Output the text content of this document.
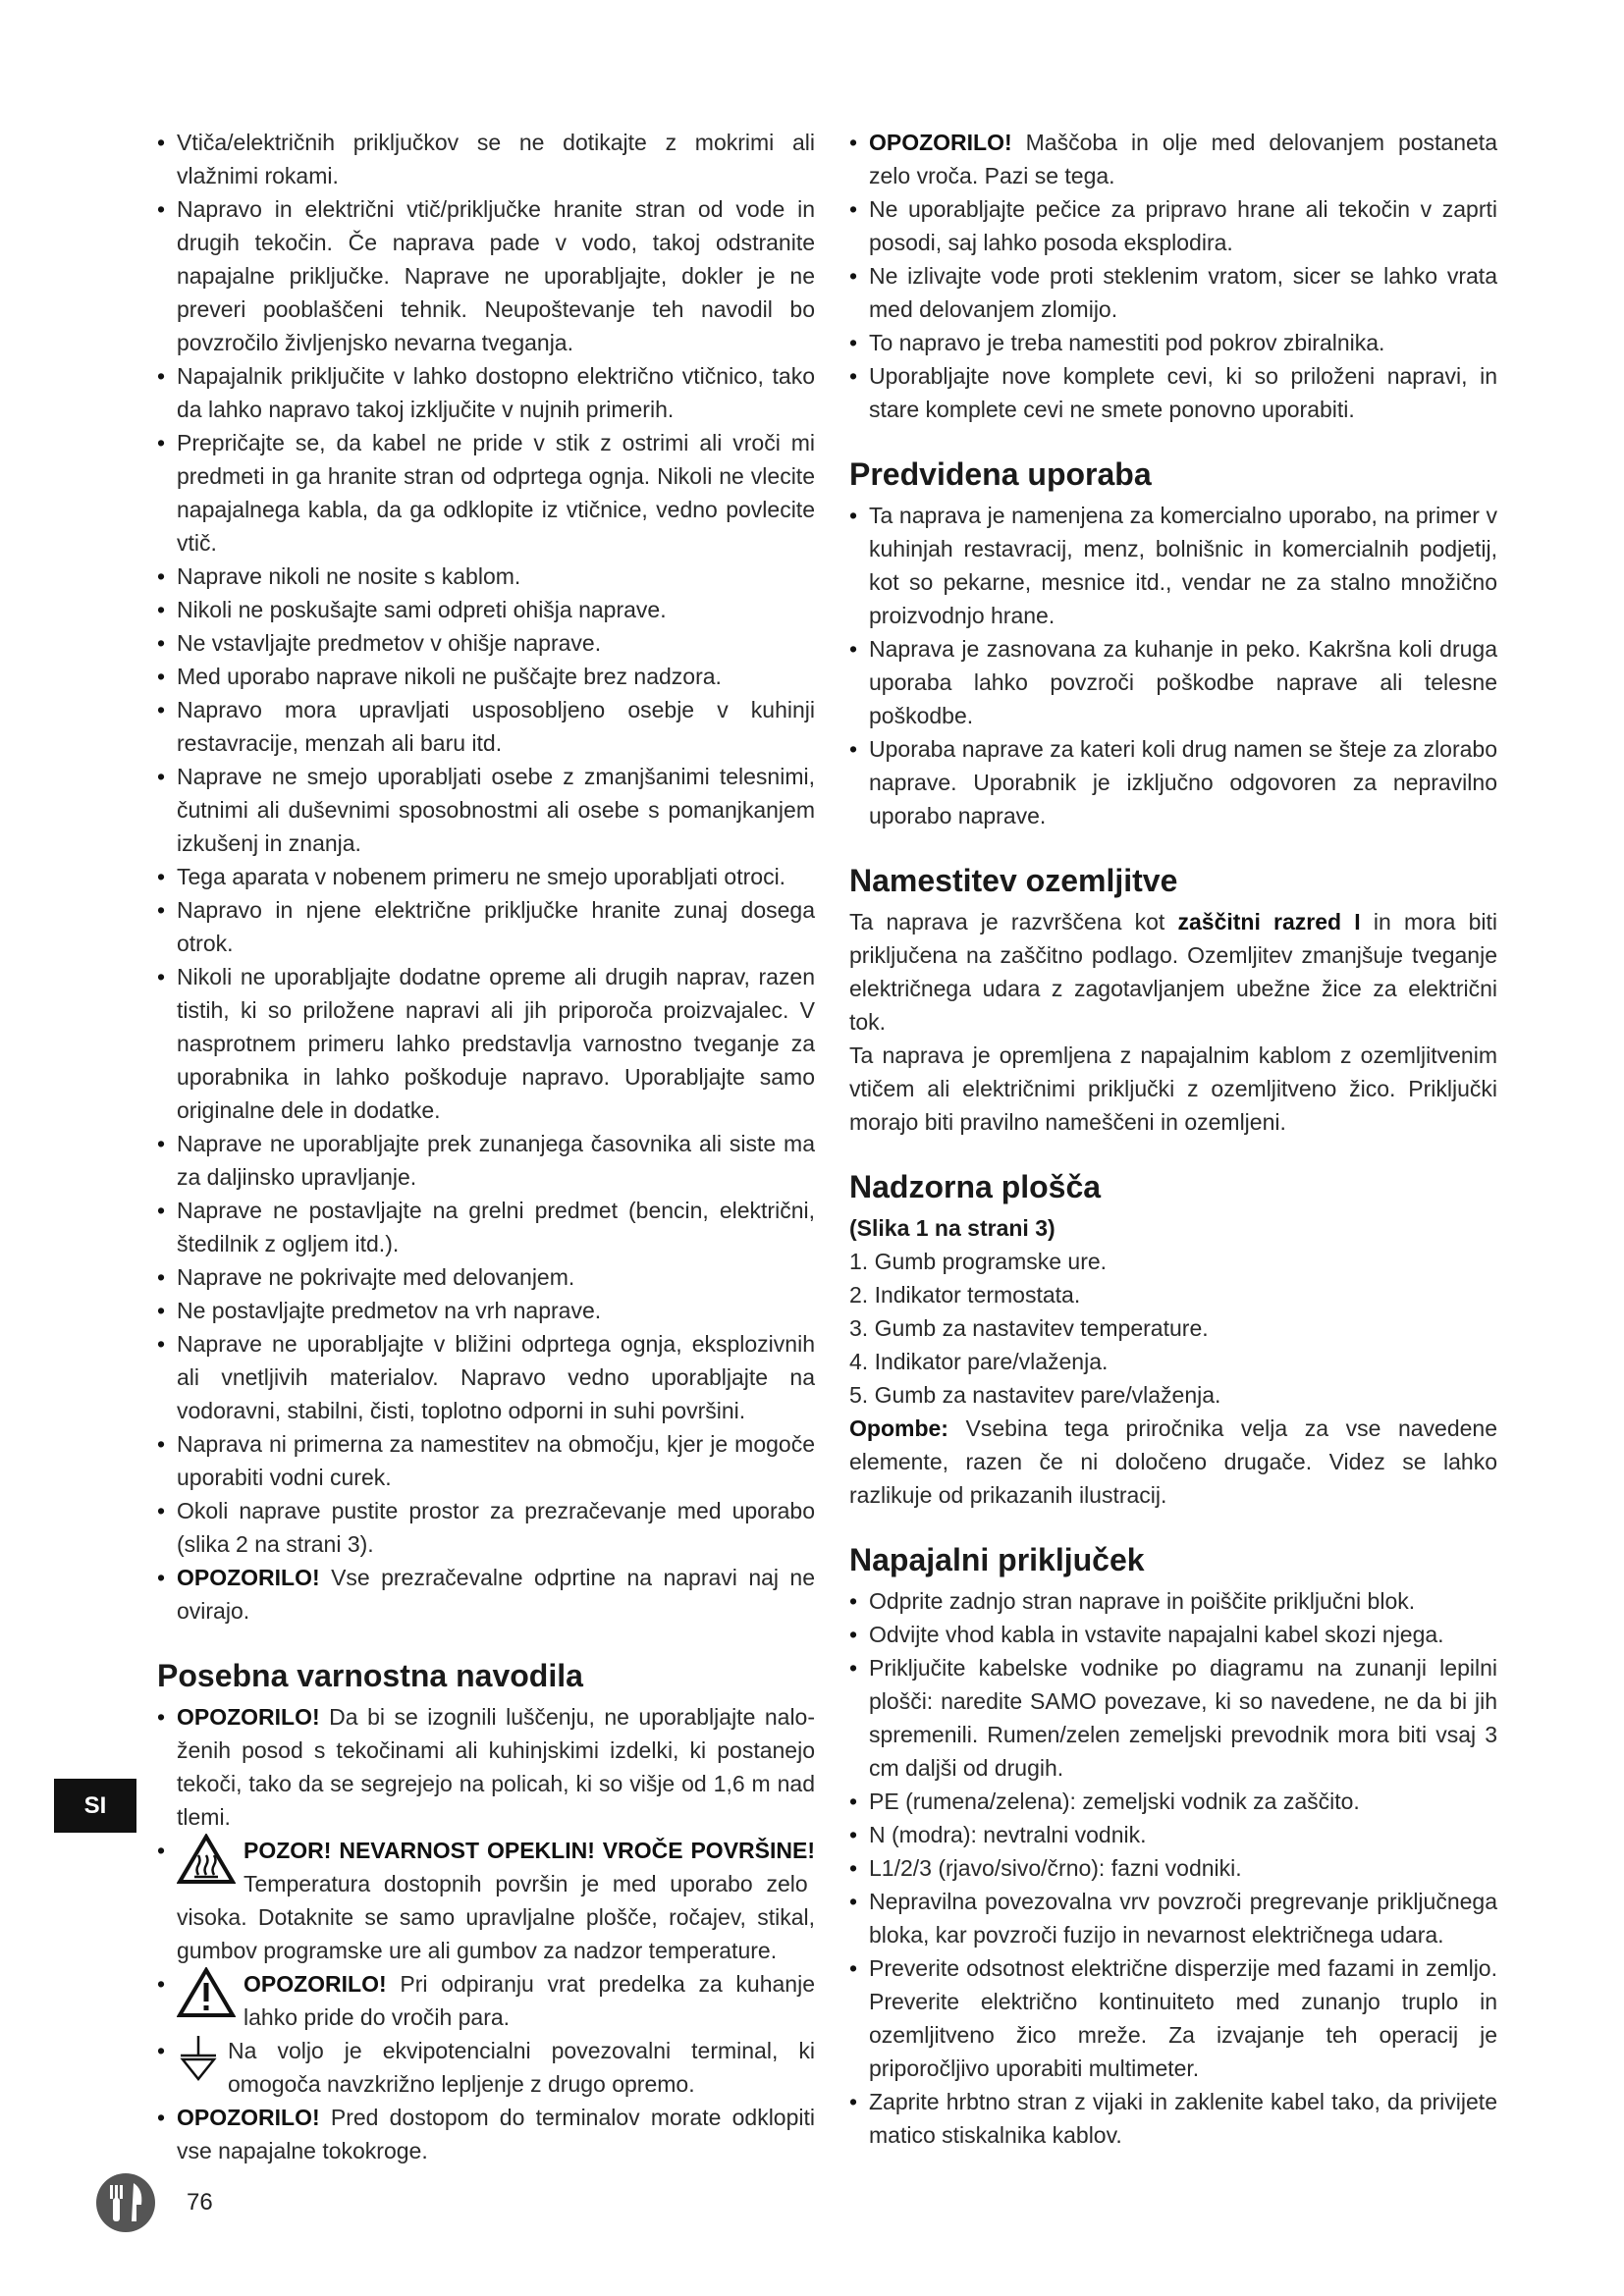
• Vtiča/električnih priključkov se ne dotikajte z mokrimi ali vlažnimi rokami.
• Napravo in električni vtič/priključke hranite stran od vode in drugih tekočin. Če naprava pade v vodo, takoj odstranite napajalne priključke. Naprave ne uporabljajte, dokler je ne preveri pooblaščeni tehnik. Neupoštevanje teh navodil bo povzročilo življenjsko nevarna tveganja.
• Napajalnik priključite v lahko dostopno električno vtičnico, tako da lahko napravo takoj izključite v nujnih primerih.
• Prepričajte se, da kabel ne pride v stik z ostrimi ali vroči mi predmeti in ga hranite stran od odprtega ognja. Nikoli ne vlecite napajalnega kabla, da ga odklopite iz vtičnice, vedno povlecite vtič.
• Naprave nikoli ne nosite s kablom.
• Nikoli ne poskušajte sami odpreti ohišja naprave.
• Ne vstavljajte predmetov v ohišje naprave.
• Med uporabo naprave nikoli ne puščajte brez nadzora.
• Napravo mora upravljati usposobljeno osebje v kuhinji restavracije, menzah ali baru itd.
• Naprave ne smejo uporabljati osebe z zmanjšanimi telesnimi, čutnimi ali duševnimi sposobnostmi ali osebe s pomanjkanjem izkušenj in znanja.
• Tega aparata v nobenem primeru ne smejo uporabljati otroci.
• Napravo in njene električne priključke hranite zunaj dosega otrok.
• Nikoli ne uporabljajte dodatne opreme ali drugih naprav, razen tistih, ki so priložene napravi ali jih priporoča proizvajalec. V nasprotnem primeru lahko predstavlja varnostno tveganje za uporabnika in lahko poškoduje napravo. Uporabljajte samo originalne dele in dodatke.
• Naprave ne uporabljajte prek zunanjega časovnika ali siste ma za daljinsko upravljanje.
• Naprave ne postavljajte na grelni predmet (bencin, električni, štedilnik z ogljem itd.).
• Naprave ne pokrivajte med delovanjem.
• Ne postavljajte predmetov na vrh naprave.
• Naprave ne uporabljajte v bližini odprtega ognja, eksplozivnih ali vnetljivih materialov. Napravo vedno uporabljajte na vodoravni, stabilni, čisti, toplotno odporni in suhi površini.
• Naprava ni primerna za namestitev na območju, kjer je mogoče uporabiti vodni curek.
• Okoli naprave pustite prostor za prezračevanje med uporabo (slika 2 na strani 3).
• OPOZORILO! Vse prezračevalne odprtine na napravi naj ne ovirajo.
Posebna varnostna navodila
• OPOZORILO! Da bi se izognili luščenju, ne uporabljajte nalo- ženih posod s tekočinami ali kuhinjskimi izdelki, ki postanejo tekoči, tako da se segrejejo na policah, ki so višje od 1,6 m nad tlemi.
• POZOR! NEVARNOST OPEKLIN! VROČE POVRŠINE! Temperatura dostopnih površin je med uporabo zelo visoka. Dotaknite se samo upravljalne plošče, ročajev, stikal, gumbov programske ure ali gumbov za nadzor temperature.
• OPOZORILO! Pri odpiranju vrat predelka za kuhanje lahko pride do vročih para.
• Na voljo je ekvipotencialni povezovalni terminal, ki omogoča navzkrižno lepljenje z drugo opremo.
• OPOZORILO! Pred dostopom do terminalov morate odklopiti vse napajalne tokokroge.
• OPOZORILO! Maščoba in olje med delovanjem postaneta zelo vroča. Pazi se tega.
• Ne uporabljajte pečice za pripravo hrane ali tekočin v zaprti posodi, saj lahko posoda eksplodira.
• Ne izlivajte vode proti steklenim vratom, sicer se lahko vrata med delovanjem zlomijo.
• To napravo je treba namestiti pod pokrov zbiralnika.
• Uporabljajte nove komplete cevi, ki so priloženi napravi, in stare komplete cevi ne smete ponovno uporabiti.
Predvidena uporaba
• Ta naprava je namenjena za komercialno uporabo, na primer v kuhinjah restavracij, menz, bolnišnic in komercialnih podjetij, kot so pekarne, mesnice itd., vendar ne za stalno množično proizvodnjo hrane.
• Naprava je zasnovana za kuhanje in peko. Kakršna koli druga uporaba lahko povzroči poškodbe naprave ali telesne poškodbe.
• Uporaba naprave za kateri koli drug namen se šteje za zlorabo naprave. Uporabnik je izključno odgovoren za nepravilno uporabo naprave.
Namestitev ozemljitve

Ta naprava je razvrščena kot zaščitni razred I in mora biti priključena na zaščitno podlago. Ozemljitev zmanjšuje tveganje električnega udara z zagotavljanjem ubežne žice za električni tok.

Ta naprava je opremljena z napajalnim kablom z ozemljitvenim vtičem ali električnimi priključki z ozemljitveno žico. Priključki morajo biti pravilno nameščeni in ozemljeni.

Nadzorna plošča
(Slika 1 na strani 3)
1. Gumb programske ure.
2. Indikator termostata.
3. Gumb za nastavitev temperature.
4. Indikator pare/vlaženja.
5. Gumb za nastavitev pare/vlaženja.

Opombe: Vsebina tega priročnika velja za vse navedene elemente, razen če ni določeno drugače. Videz se lahko razlikuje od prikazanih ilustracij.

Napajalni priključek
• Odprite zadnjo stran naprave in poiščite priključni blok.
• Odvijte vhod kabla in vstavite napajalni kabel skozi njega.
• Priključite kabelske vodnike po diagramu na zunanji lepilni plošči: naredite SAMO povezave, ki so navedene, ne da bi jih spremenili. Rumen/zelen zemeljski prevodnik mora biti vsaj 3 cm daljši od drugih.
• PE (rumena/zelena): zemeljski vodnik za zaščito.
• N (modra): nevtralni vodnik.
• L1/2/3 (rjavo/sivo/črno): fazni vodniki.
• Nepravilna povezovalna vrv povzroči pregrevanje priključnega bloka, kar povzroči fuzijo in nevarnost električnega udara.
• Preverite odsotnost električne disperzije med fazami in zemljo. Preverite električno kontinuiteto med zunanjo truplo in ozemljitveno žico mreže. Za izvajanje teh operacij je priporočljivo uporabiti multimeter.
• Zaprite hrbtno stran z vijaki in zaklenite kabel tako, da privijete matico stiskalnika kablov.
SI
76
